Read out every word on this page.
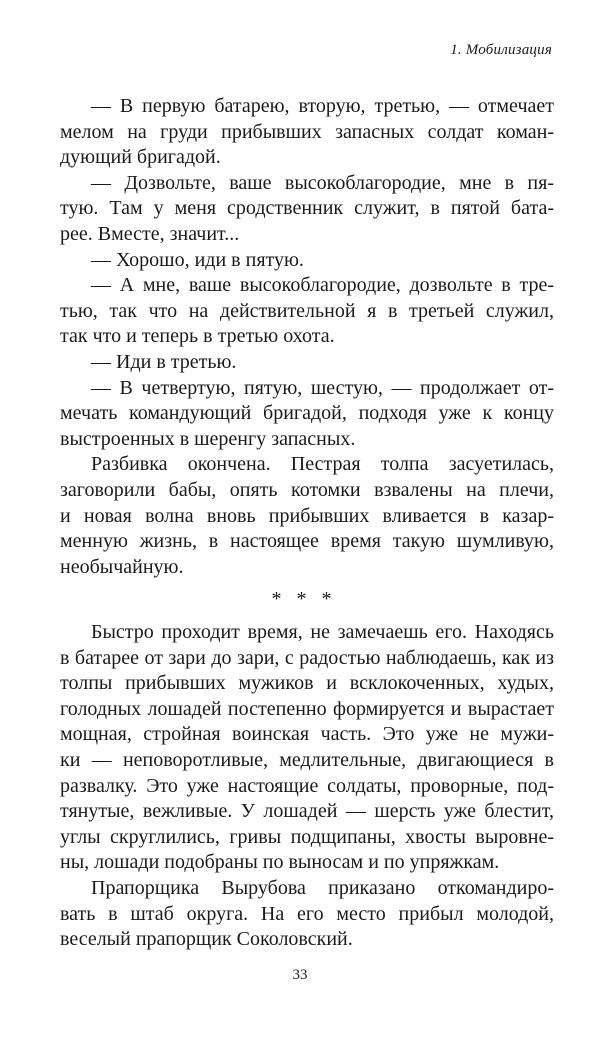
1. Мобилизация
— В первую батарею, вторую, третью, — отмечает
мелом на груди прибывших запасных солдат коман-
дующий бригадой.
— Дозвольте, ваше высокоблагородие, мне в пя-
тую. Там у меня сродственник служит, в пятой бата-
рее. Вместе, значит...
— Хорошо, иди в пятую.
— А мне, ваше высокоблагородие, дозвольте в тре-
тью, так что на действительной я в третьей служил,
так что и теперь в третью охота.
— Иди в третью.
— В четвертую, пятую, шестую, — продолжает от-
мечать командующий бригадой, подходя уже к концу
выстроенных в шеренгу запасных.
Разбивка окончена. Пестрая толпа засуетилась,
заговорили бабы, опять котомки взвалены на плечи,
и новая волна вновь прибывших вливается в казар-
менную жизнь, в настоящее время такую шумливую,
необычайную.
* * *
Быстро проходит время, не замечаешь его. Находясь
в батарее от зари до зари, с радостью наблюдаешь, как из
толпы прибывших мужиков и всклокоченных, худых,
голодных лошадей постепенно формируется и вырастает
мощная, стройная воинская часть. Это уже не мужи-
ки — неповоротливые, медлительные, двигающиеся в
развалку. Это уже настоящие солдаты, проворные, под-
тянутые, вежливые. У лошадей — шерсть уже блестит,
углы скруглились, гривы подщипаны, хвосты выровне-
ны, лошади подобраны по выносам и по упряжкам.
Прапорщика Вырубова приказано откомандиро-
вать в штаб округа. На его место прибыл молодой,
веселый прапорщик Соколовский.
33
